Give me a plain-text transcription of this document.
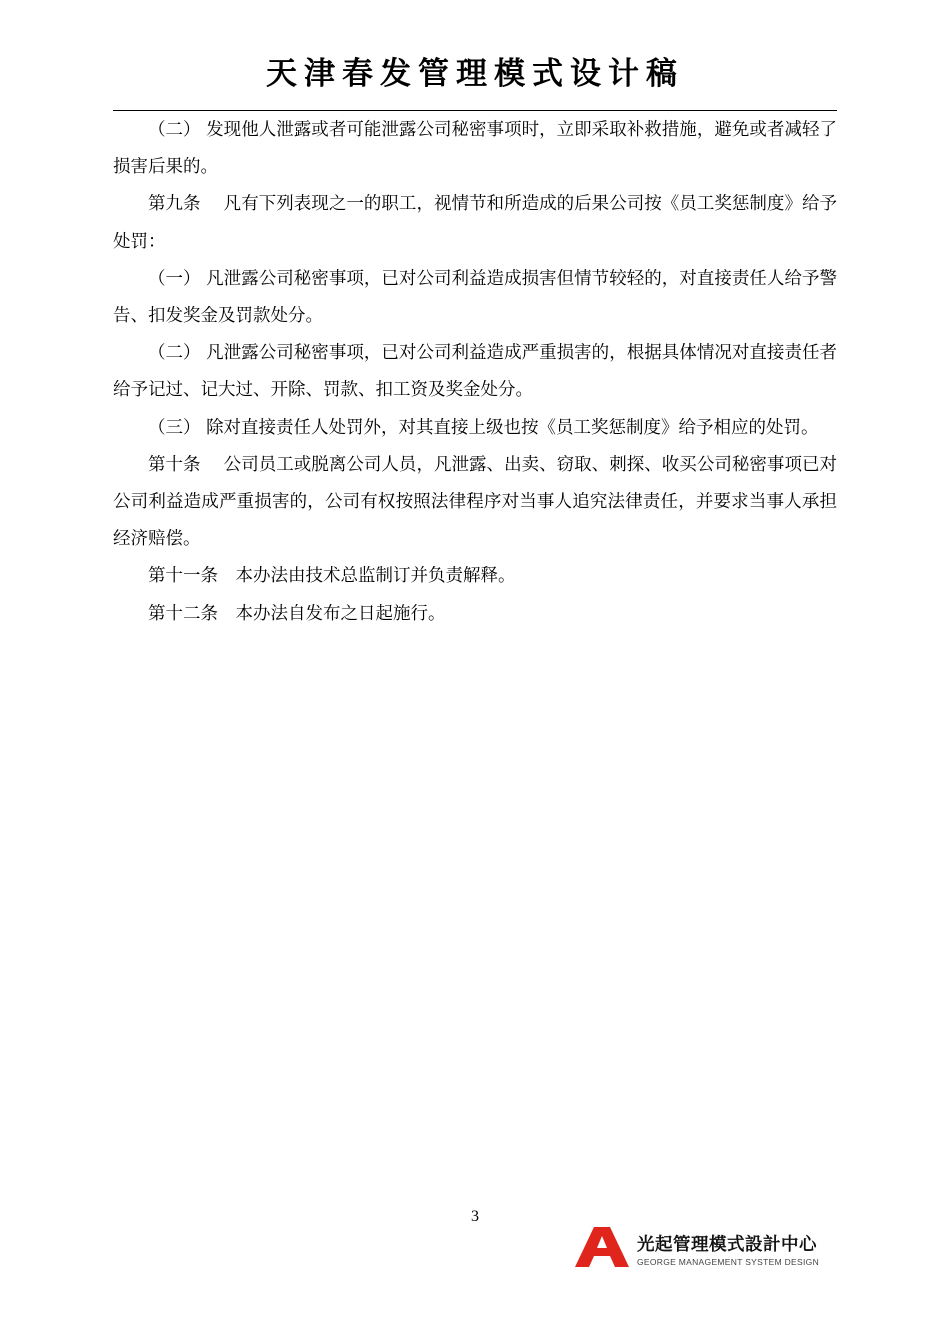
天津春发管理模式设计稿

（二） 发现他人泄露或者可能泄露公司秘密事项时，立即采取补救措施，避免或者减轻了损害后果的。

第九条　 凡有下列表现之一的职工，视情节和所造成的后果公司按《员工奖惩制度》给予处罚：

（一） 凡泄露公司秘密事项，已对公司利益造成损害但情节较轻的，对直接责任人给予警告、扣发奖金及罚款处分。

（二） 凡泄露公司秘密事项，已对公司利益造成严重损害的，根据具体情况对直接责任者给予记过、记大过、开除、罚款、扣工资及奖金处分。

（三） 除对直接责任人处罚外，对其直接上级也按《员工奖惩制度》给予相应的处罚。

第十条　 公司员工或脱离公司人员，凡泄露、出卖、窃取、刺探、收买公司秘密事项已对公司利益造成严重损害的，公司有权按照法律程序对当事人追究法律责任，并要求当事人承担经济赔偿。

第十一条　本办法由技术总监制订并负责解释。

第十二条　本办法自发布之日起施行。

3
光起管理模式設計中心
GEORGE MANAGEMENT SYSTEM DESIGN
